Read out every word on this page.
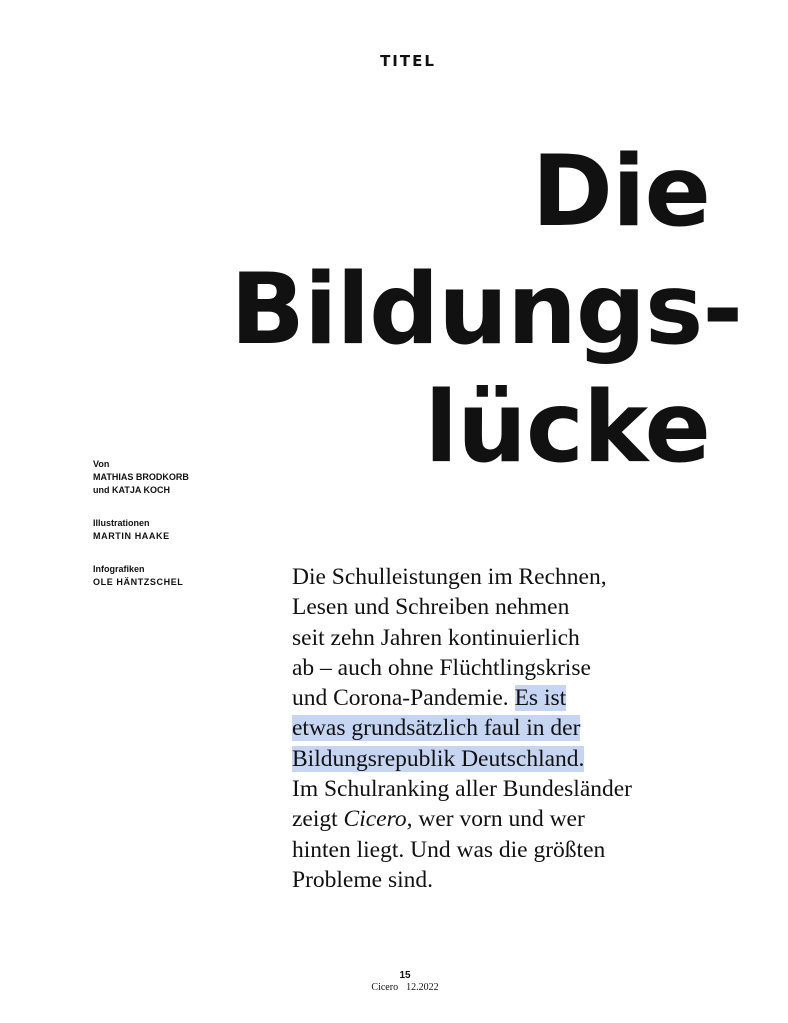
TITEL
Die
Bildungs-
lücke
Von
MATHIAS BRODKORB
und KATJA KOCH
Illustrationen
MARTIN HAAKE
Infografiken
OLE HÄNTZSCHEL	Die Schulleistungen im Rechnen,
Lesen und Schreiben nehmen
seit zehn Jahren kontinuierlich
ab – auch ohne Flüchtlingskrise
und Corona-Pandemie. Es ist
etwas grundsätzlich faul in der
Bildungsrepublik Deutschland.
Im Schulranking aller Bundesländer
zeigt Cicero, wer vorn und wer
hinten liegt. Und was die größten
Probleme sind.
15
Cicero 12.2022
